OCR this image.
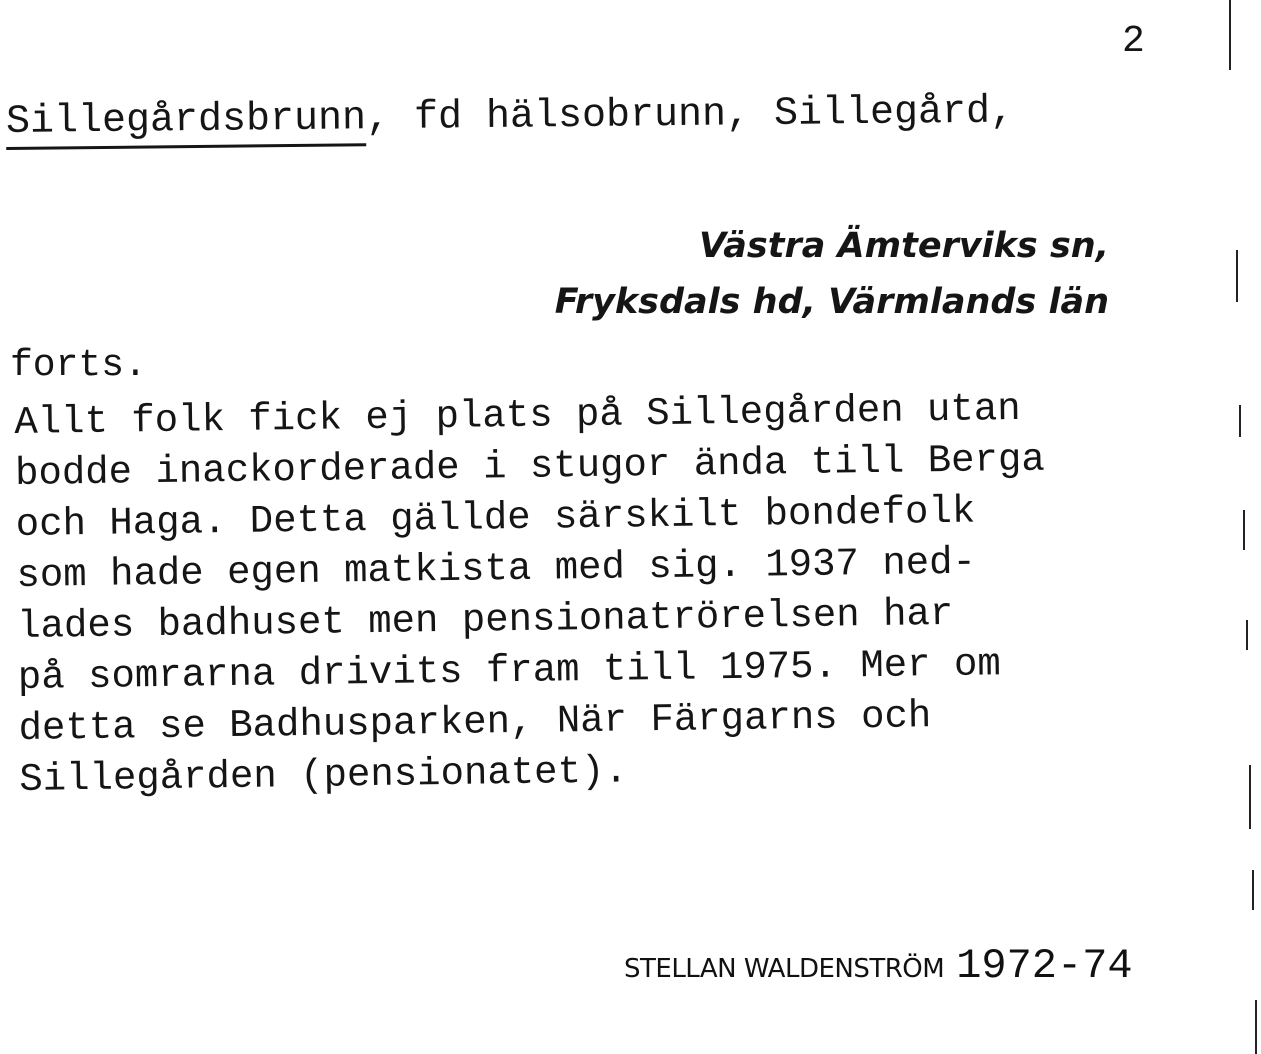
2
Sillegårdsbrunn, fd hälsobrunn, Sillegård,
Västra Ämterviks sn,
Fryksdals hd, Värmlands län
forts.
Allt folk fick ej plats på Sillegården utan
bodde inackorderade i stugor ända till Berga
och Haga. Detta gällde särskilt bondefolk
som hade egen matkista med sig. 1937 ned-
lades badhuset men pensionatrörelsen har
på somrarna drivits fram till 1975. Mer om
detta se Badhusparken, När Färgarns och
Sillegården (pensionatet).
STELLAN WALDENSTRÖM 1972-74
